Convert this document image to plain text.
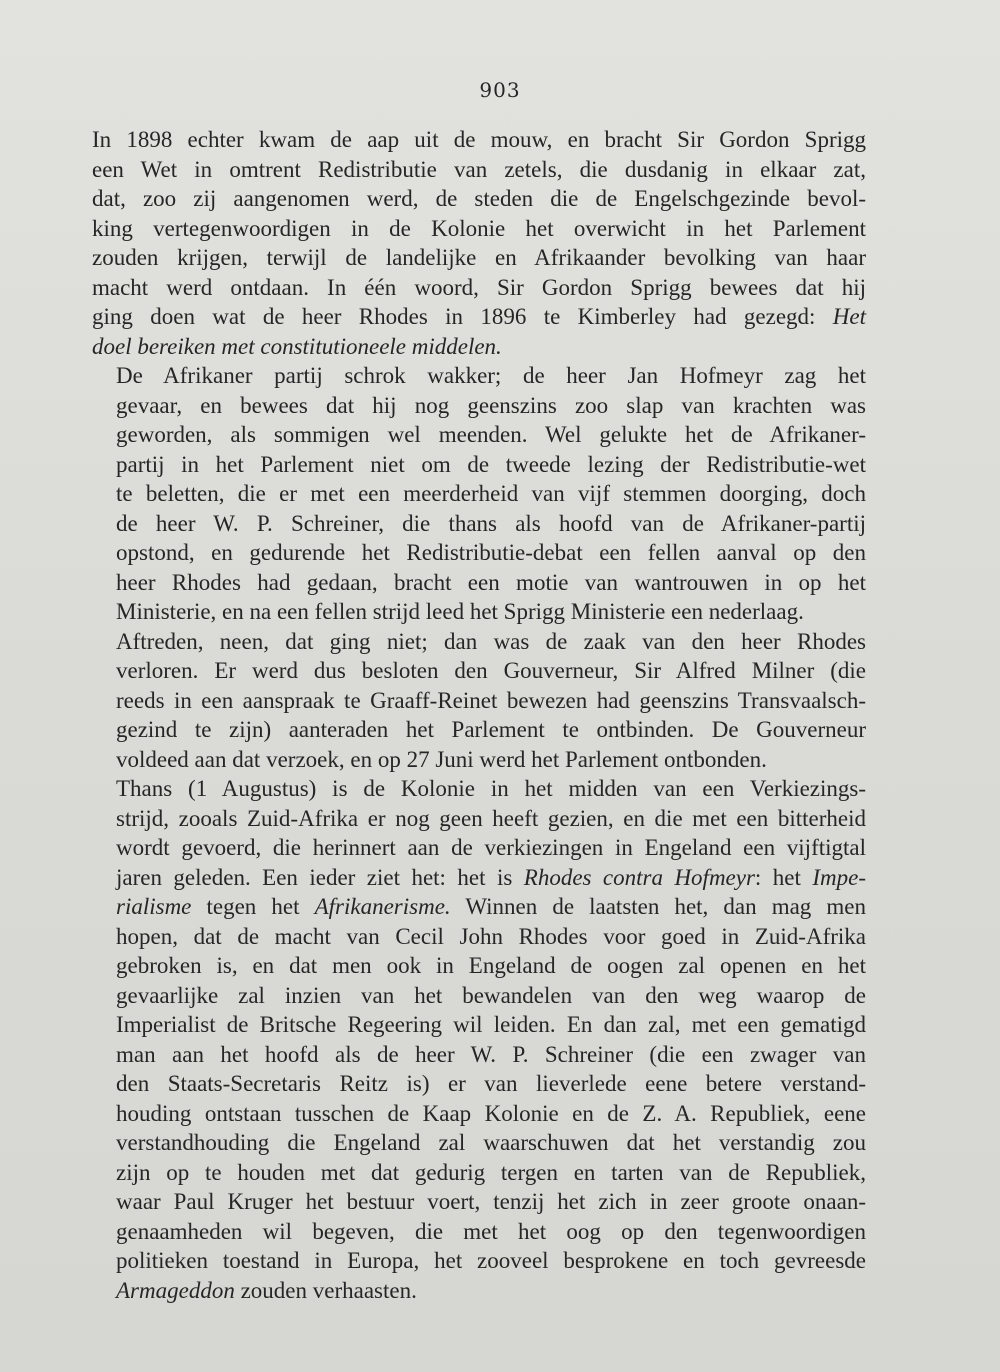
903

In 1898 echter kwam de aap uit de mouw, en bracht Sir Gordon Sprigg
een Wet in omtrent Redistributie van zetels, die dusdanig in elkaar zat,
dat, zoo zij aangenomen werd, de steden die de Engelschgezinde bevol-
king vertegenwoordigen in de Kolonie het overwicht in het Parlement
zouden krijgen, terwijl de landelijke en Afrikaander bevolking van haar
macht werd ontdaan. In één woord, Sir Gordon Sprigg bewees dat hij
ging doen wat de heer Rhodes in 1896 te Kimberley had gezegd: Het
doel bereiken met constitutioneele middelen.

De Afrikaner partij schrok wakker; de heer Jan Hofmeyr zag het
gevaar, en bewees dat hij nog geenszins zoo slap van krachten was
geworden, als sommigen wel meenden. Wel gelukte het de Afrikaner-
partij in het Parlement niet om de tweede lezing der Redistributie-wet
te beletten, die er met een meerderheid van vijf stemmen doorging, doch
de heer W. P. Schreiner, die thans als hoofd van de Afrikaner-partij
opstond, en gedurende het Redistributie-debat een fellen aanval op den
heer Rhodes had gedaan, bracht een motie van wantrouwen in op het
Ministerie, en na een fellen strijd leed het Sprigg Ministerie een nederlaag.

Aftreden, neen, dat ging niet; dan was de zaak van den heer Rhodes
verloren. Er werd dus besloten den Gouverneur, Sir Alfred Milner (die
reeds in een aanspraak te Graaff-Reinet bewezen had geenszins Transvaalsch-
gezind te zijn) aanteraden het Parlement te ontbinden. De Gouverneur
voldeed aan dat verzoek, en op 27 Juni werd het Parlement ontbonden.

Thans (1 Augustus) is de Kolonie in het midden van een Verkiezings-
strijd, zooals Zuid-Afrika er nog geen heeft gezien, en die met een bitterheid
wordt gevoerd, die herinnert aan de verkiezingen in Engeland een vijftigtal
jaren geleden. Een ieder ziet het: het is Rhodes contra Hofmeyr: het Impe-
rialisme tegen het Afrikanerisme. Winnen de laatsten het, dan mag men
hopen, dat de macht van Cecil John Rhodes voor goed in Zuid-Afrika
gebroken is, en dat men ook in Engeland de oogen zal openen en het
gevaarlijke zal inzien van het bewandelen van den weg waarop de
Imperialist de Britsche Regeering wil leiden. En dan zal, met een gematigd
man aan het hoofd als de heer W. P. Schreiner (die een zwager van
den Staats-Secretaris Reitz is) er van lieverlede eene betere verstand-
houding ontstaan tusschen de Kaap Kolonie en de Z. A. Republiek, eene
verstandhouding die Engeland zal waarschuwen dat het verstandig zou
zijn op te houden met dat gedurig tergen en tarten van de Republiek,
waar Paul Kruger het bestuur voert, tenzij het zich in zeer groote onaan-
genaamheden wil begeven, die met het oog op den tegenwoordigen
politieken toestand in Europa, het zooveel besprokene en toch gevreesde
Armageddon zouden verhaasten.
